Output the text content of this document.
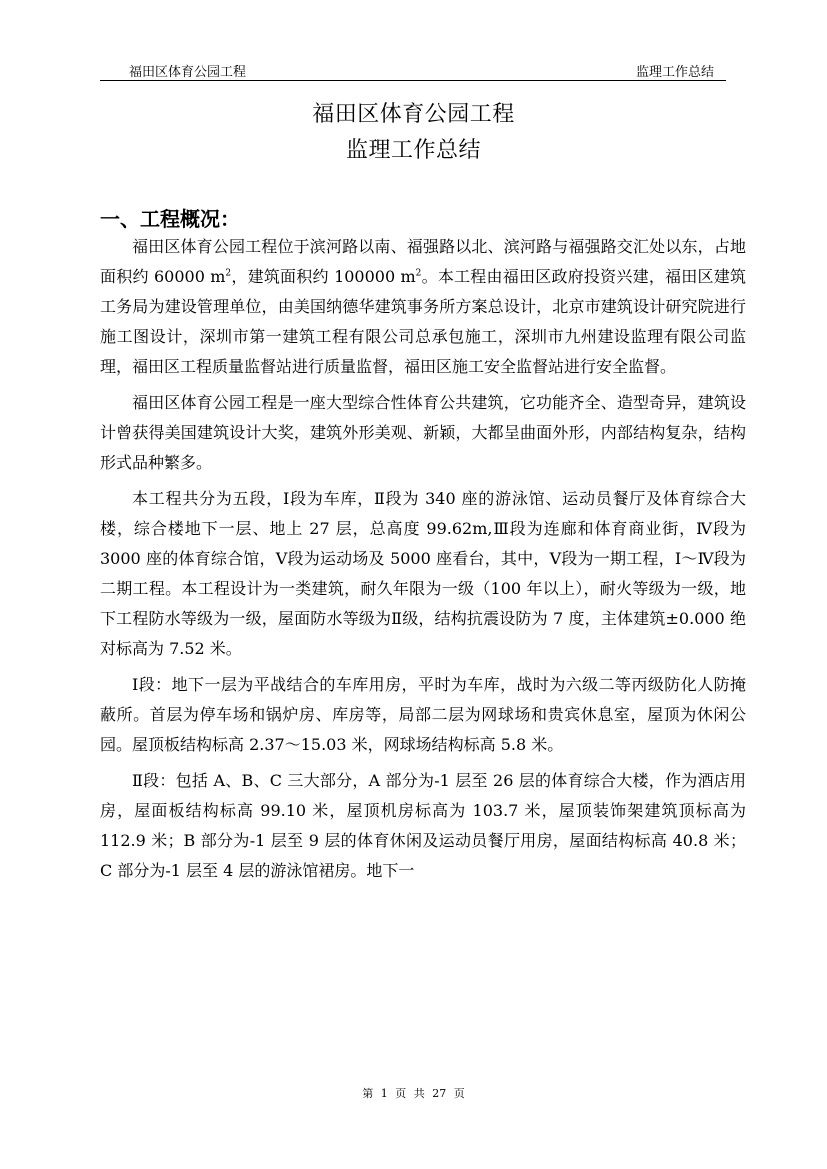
福田区体育公园工程	监理工作总结
福田区体育公园工程
监理工作总结
一、工程概况：

福田区体育公园工程位于滨河路以南、福强路以北、滨河路与福强路交汇处以东，占地面积约 60000 $m^2$，建筑面积约 100000 $m^2$。本工程由福田区政府投资兴建，福田区建筑工务局为建设管理单位，由美国纳德华建筑事务所方案总设计，北京市建筑设计研究院进行施工图设计，深圳市第一建筑工程有限公司总承包施工，深圳市九州建设监理有限公司监理，福田区工程质量监督站进行质量监督，福田区施工安全监督站进行安全监督。

福田区体育公园工程是一座大型综合性体育公共建筑，它功能齐全、造型奇异，建筑设计曾获得美国建筑设计大奖，建筑外形美观、新颖，大都呈曲面外形，内部结构复杂，结构形式品种繁多。

本工程共分为五段，Ⅰ段为车库，Ⅱ段为 340 座的游泳馆、运动员餐厅及体育综合大楼，综合楼地下一层、地上 27 层，总高度 99.62m,Ⅲ段为连廊和体育商业街，Ⅳ段为 3000 座的体育综合馆，Ⅴ段为运动场及 5000 座看台，其中，Ⅴ段为一期工程，Ⅰ～Ⅳ段为二期工程。本工程设计为一类建筑，耐久年限为一级（100 年以上），耐火等级为一级，地下工程防水等级为一级，屋面防水等级为Ⅱ级，结构抗震设防为 7 度，主体建筑±0.000 绝对标高为 7.52 米。

Ⅰ段：地下一层为平战结合的车库用房，平时为车库，战时为六级二等丙级防化人防掩蔽所。首层为停车场和锅炉房、库房等，局部二层为网球场和贵宾休息室，屋顶为休闲公园。屋顶板结构标高 2.37～15.03 米，网球场结构标高 5.8 米。

Ⅱ段：包括 A、B、C 三大部分，A 部分为-1 层至 26 层的体育综合大楼，作为酒店用房，屋面板结构标高 99.10 米，屋顶机房标高为 103.7 米，屋顶装饰架建筑顶标高为 112.9 米；B 部分为-1 层至 9 层的体育休闲及运动员餐厅用房，屋面结构标高 40.8 米；C 部分为-1 层至 4 层的游泳馆裙房。地下一

第 1 页 共 27 页
